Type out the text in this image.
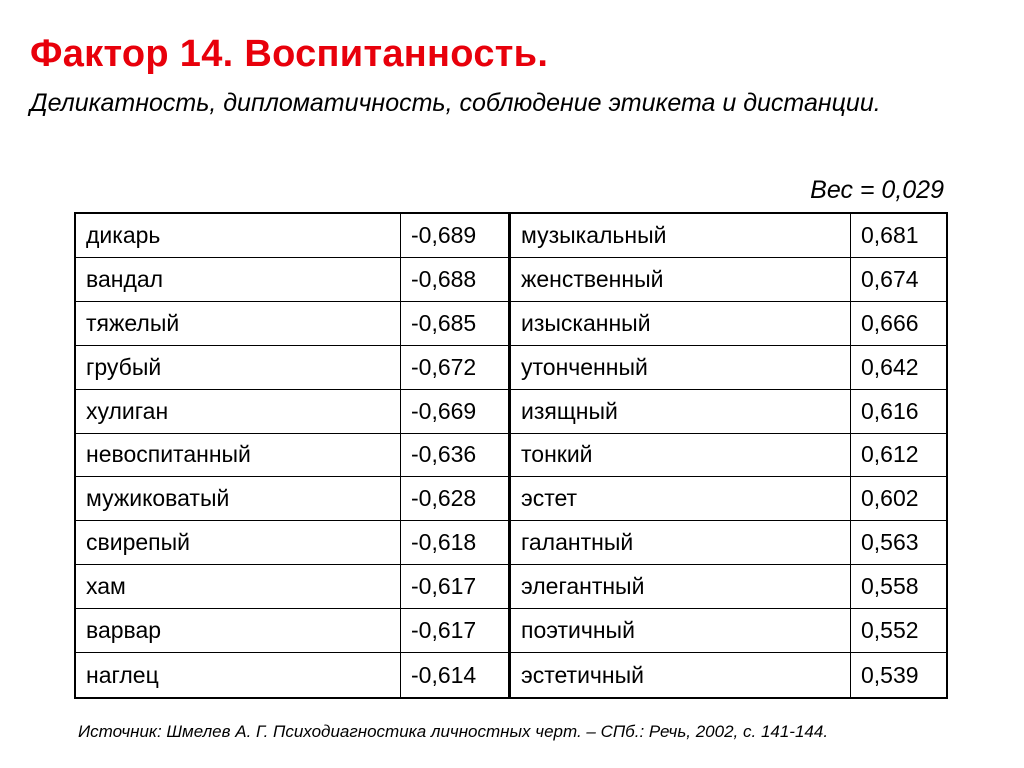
Фактор 14. Воспитанность.
Деликатность, дипломатичность, соблюдение этикета и дистанции.
Вес = 0,029
дикарь	-0,689	музыкальный	0,681
вандал	-0,688	женственный	0,674
тяжелый	-0,685	изысканный	0,666
грубый	-0,672	утонченный	0,642
хулиган	-0,669	изящный	0,616
невоспитанный	-0,636	тонкий	0,612
мужиковатый	-0,628	эстет	0,602
свирепый	-0,618	галантный	0,563
хам	-0,617	элегантный	0,558
варвар	-0,617	поэтичный	0,552
наглец	-0,614	эстетичный	0,539
Источник: Шмелев А. Г. Психодиагностика личностных черт. – СПб.: Речь, 2002, с. 141-144.
